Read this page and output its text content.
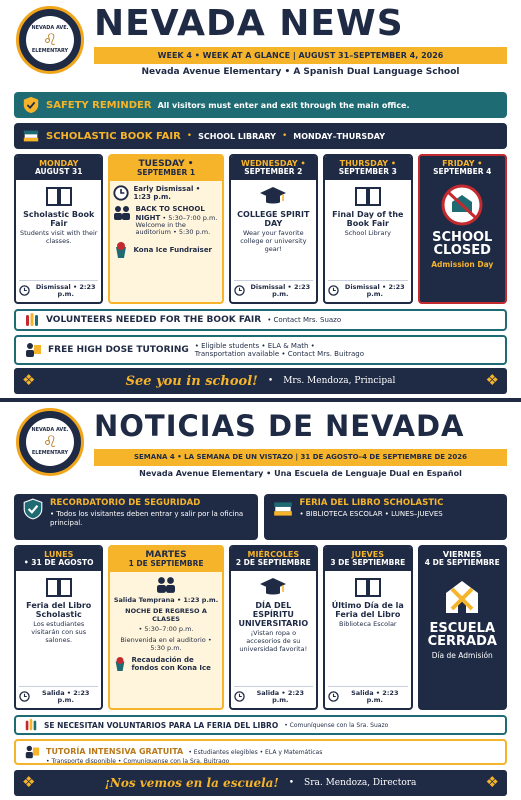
NEVADA AVE.
♌
ELEMENTARY
NEVADA NEWS
WEEK 4 • WEEK AT A GLANCE | AUGUST 31–SEPTEMBER 4, 2026
Nevada Avenue Elementary • A Spanish Dual Language School
SAFETY REMINDER All visitors must enter and exit through the main office.
SCHOLASTIC BOOK FAIR • SCHOOL LIBRARY • MONDAY–THURSDAY
MONDAY
AUGUST 31
Scholastic Book Fair
Students visit with their classes.
Dismissal • 2:23 p.m.
TUESDAY •
SEPTEMBER 1
Early Dismissal • 1:23 p.m.
BACK TO SCHOOL NIGHT • 5:30–7:00 p.m.
Welcome in the auditorium • 5:30 p.m.
Kona Ice Fundraiser
WEDNESDAY •
SEPTEMBER 2
COLLEGE SPIRIT DAY
Wear your favorite college or university gear!
Dismissal • 2:23 p.m.
THURSDAY •
SEPTEMBER 3
Final Day of the Book Fair
School Library
Dismissal • 2:23 p.m.
FRIDAY •
SEPTEMBER 4
SCHOOL CLOSED
Admission Day
VOLUNTEERS NEEDED FOR THE BOOK FAIR • Contact Mrs. Suazo
FREE HIGH DOSE TUTORING • Eligible students • ELA & Math •
Transportation available • Contact Mrs. Buitrago
❖	See you in school! • Mrs. Mendoza, Principal	❖
NEVADA AVE.
♌
ELEMENTARY
NOTICIAS DE NEVADA
SEMANA 4 • LA SEMANA DE UN VISTAZO | 31 DE AGOSTO–4 DE SEPTIEMBRE DE 2026
Nevada Avenue Elementary • Una Escuela de Lenguaje Dual en Español
RECORDATORIO DE SEGURIDAD
• Todos los visitantes deben entrar y salir por la oficina principal.
FERIA DEL LIBRO SCHOLASTIC
• BIBLIOTECA ESCOLAR • LUNES–JUEVES
LUNES
• 31 DE AGOSTO
Feria del Libro Scholastic
Los estudiantes visitarán con sus salones.
Salida • 2:23 p.m.
MARTES
1 DE SEPTIEMBRE
Salida Temprana • 1:23 p.m.
NOCHE DE REGRESO A CLASES
• 5:30–7:00 p.m.
Bienvenida en el auditorio • 5:30 p.m.
Recaudación de fondos con Kona Ice
MIÉRCOLES
2 DE SEPTIEMBRE
DÍA DEL ESPÍRITU UNIVERSITARIO
¡Vistan ropa o accesorios de su universidad favorita!
Salida • 2:23 p.m.
JUEVES
3 DE SEPTIEMBRE
Último Día de la Feria del Libro
Biblioteca Escolar
Salida • 2:23 p.m.
VIERNES
4 DE SEPTIEMBRE
ESCUELA CERRADA
Día de Admisión
SE NECESITAN VOLUNTARIOS PARA LA FERIA DEL LIBRO • Comuníquense con la Sra. Suazo
TUTORÍA INTENSIVA GRATUITA • Estudiantes elegibles • ELA y Matemáticas
• Transporte disponible • Comuníquense con la Sra. Buitrago
❖	¡Nos vemos en la escuela! • Sra. Mendoza, Directora	❖
